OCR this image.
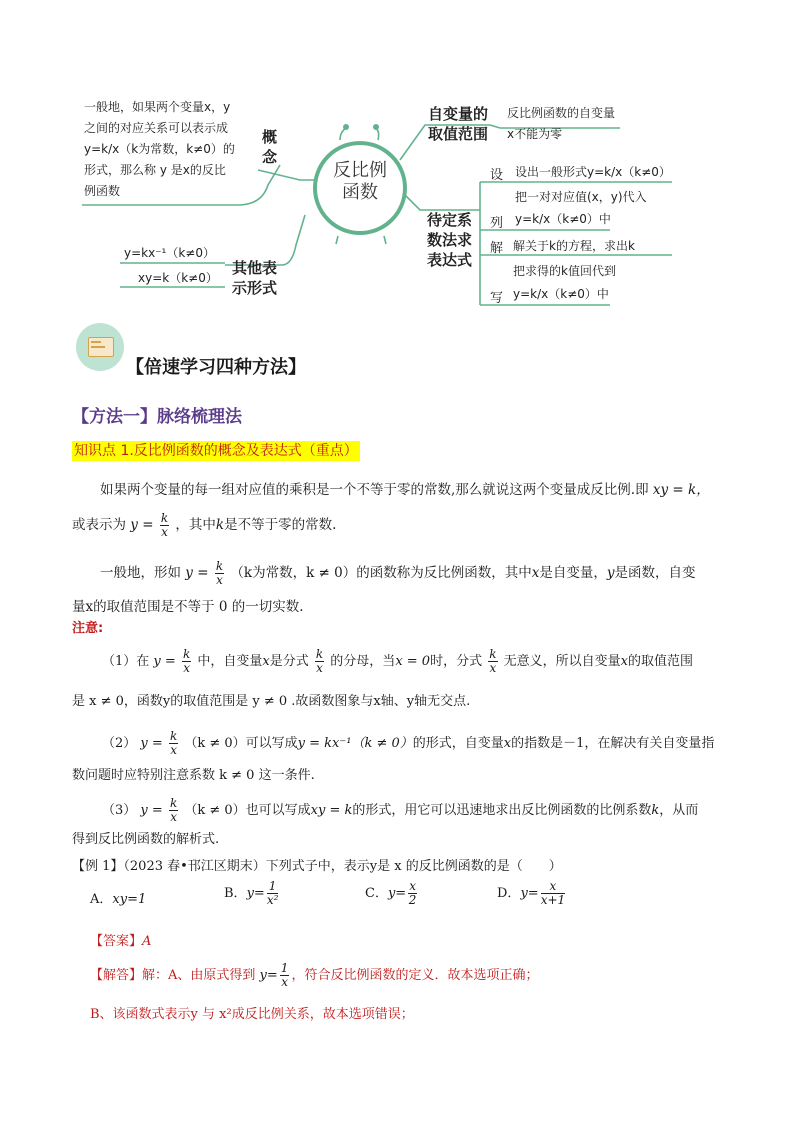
反比例
函数
一般地，如果两个变量x，y
之间的对应关系可以表示成
y=k/x（k为常数，k≠0）的
形式，那么称 y 是x的反比
例函数
概
念
y=kx⁻¹（k≠0）
xy=k（k≠0）
其他表
示形式
自变量的
取值范围
反比例函数的自变量
x不能为零
待定系
数法求
表达式
设 设出一般形式y=k/x（k≠0）
列
把一对对应值(x，y)代入
y=k/x（k≠0）中
解 解关于k的方程，求出k
写
把求得的k值回代到
y=k/x（k≠0）中
【倍速学习四种方法】
【方法一】脉络梳理法
知识点 1.反比例函数的概念及表达式（重点）
如果两个变量的每一组对应值的乘积是一个不等于零的常数,那么就说这两个变量成反比例.即 xy = k，
或表示为 $y = \frac{k}{x}$ ，其中k是不等于零的常数.
一般地，形如 $y = \frac{k}{x} (k$为常数，k ≠ 0）的函数称为反比例函数，其中x是自变量，y是函数，自变
量x的取值范围是不等于 0 的一切实数.
注意:
（1）在 $y = \frac{k}{x}$ 中，自变量x是分式 $\frac{k}{x}$ 的分母，当x = 0时，分式 $\frac{k}{x}$ 无意义，所以自变量x的取值范围
是 x ≠ 0，函数y的取值范围是 y ≠ 0 .故函数图象与x轴、y轴无交点.
（2） $y = \frac{k}{x} (k \ne 0)$可以写成y = kx⁻¹（k ≠ 0）的形式，自变量x的指数是－1，在解决有关自变量指
数问题时应特别注意系数 k ≠ 0 这一条件.
（3） $y = \frac{k}{x} (k \ne 0)$也可以写成xy = k的形式，用它可以迅速地求出反比例函数的比例系数k，从而
得到反比例函数的解析式.
【例 1】（2023 春•邗江区期末）下列式子中，表示y是 x 的反比例函数的是（　　）
A．xy=1	B．$y= \frac{1}{\text{x²}}$	C．$y= \frac{x}{2}$	D．$y= \frac{x}{x+1}$
【答案】A
【解答】解：A、由原式得到 $y= \frac{1}{x}$ ，符合反比例函数的定义．故本选项正确；
B、该函数式表示y 与 x²成反比例关系，故本选项错误；
